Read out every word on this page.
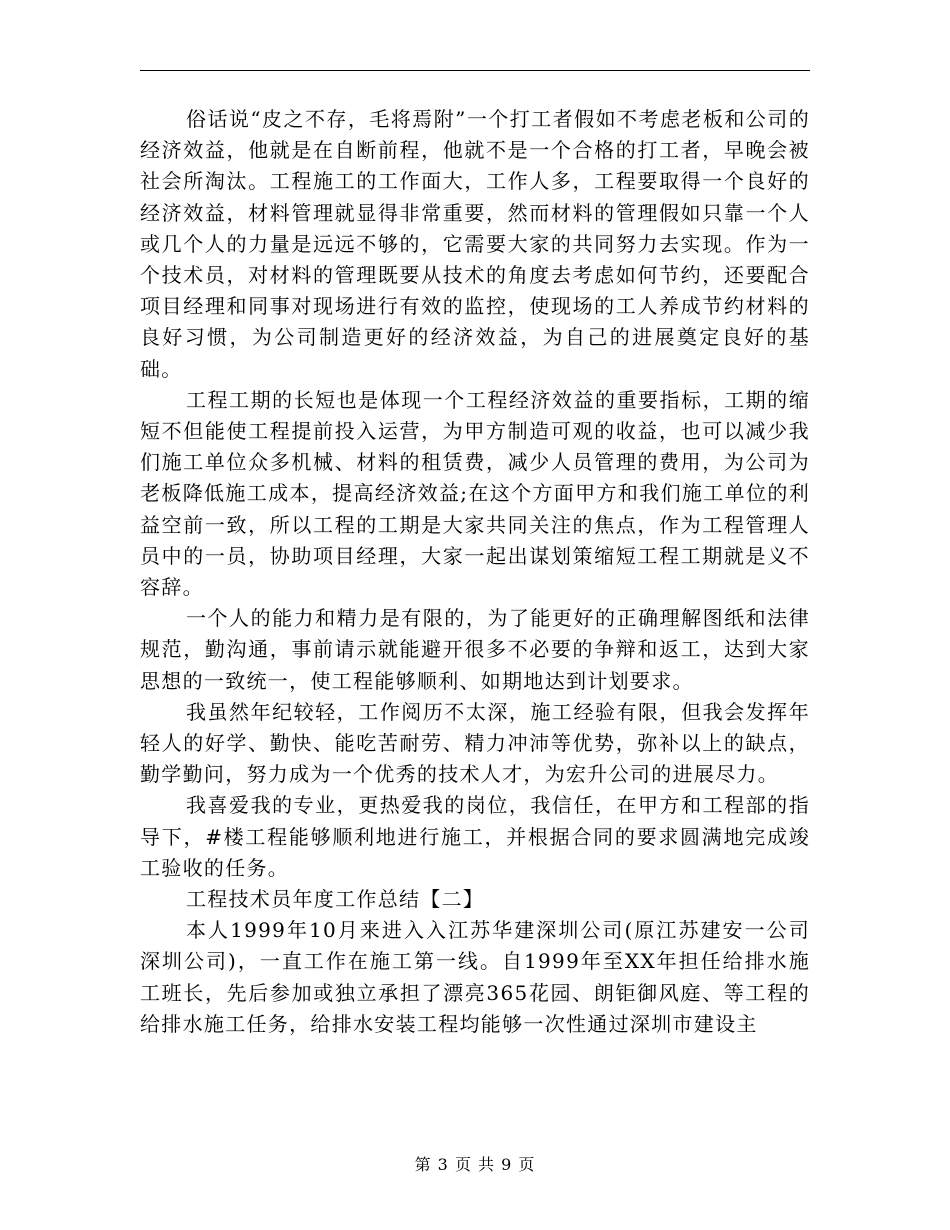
俗话说“皮之不存，毛将焉附”一个打工者假如不考虑老板和公司的经济效益，他就是在自断前程，他就不是一个合格的打工者，早晚会被社会所淘汰。工程施工的工作面大，工作人多，工程要取得一个良好的经济效益，材料管理就显得非常重要，然而材料的管理假如只靠一个人或几个人的力量是远远不够的，它需要大家的共同努力去实现。作为一个技术员，对材料的管理既要从技术的角度去考虑如何节约，还要配合项目经理和同事对现场进行有效的监控，使现场的工人养成节约材料的良好习惯，为公司制造更好的经济效益，为自己的进展奠定良好的基础。

工程工期的长短也是体现一个工程经济效益的重要指标，工期的缩短不但能使工程提前投入运营，为甲方制造可观的收益，也可以减少我们施工单位众多机械、材料的租赁费，减少人员管理的费用，为公司为老板降低施工成本，提高经济效益;在这个方面甲方和我们施工单位的利益空前一致，所以工程的工期是大家共同关注的焦点，作为工程管理人员中的一员，协助项目经理，大家一起出谋划策缩短工程工期就是义不容辞。

一个人的能力和精力是有限的，为了能更好的正确理解图纸和法律规范，勤沟通，事前请示就能避开很多不必要的争辩和返工，达到大家思想的一致统一，使工程能够顺利、如期地达到计划要求。

我虽然年纪较轻，工作阅历不太深，施工经验有限，但我会发挥年轻人的好学、勤快、能吃苦耐劳、精力冲沛等优势，弥补以上的缺点，勤学勤问，努力成为一个优秀的技术人才，为宏升公司的进展尽力。

我喜爱我的专业，更热爱我的岗位，我信任，在甲方和工程部的指导下，#楼工程能够顺利地进行施工，并根据合同的要求圆满地完成竣工验收的任务。

工程技术员年度工作总结【二】

本人1999年10月来进入入江苏华建深圳公司(原江苏建安一公司深圳公司)，一直工作在施工第一线。自1999年至XX年担任给排水施工班长，先后参加或独立承担了漂亮365花园、朗钜御风庭、等工程的给排水施工任务，给排水安装工程均能够一次性通过深圳市建设主

第 3 页 共 9 页
